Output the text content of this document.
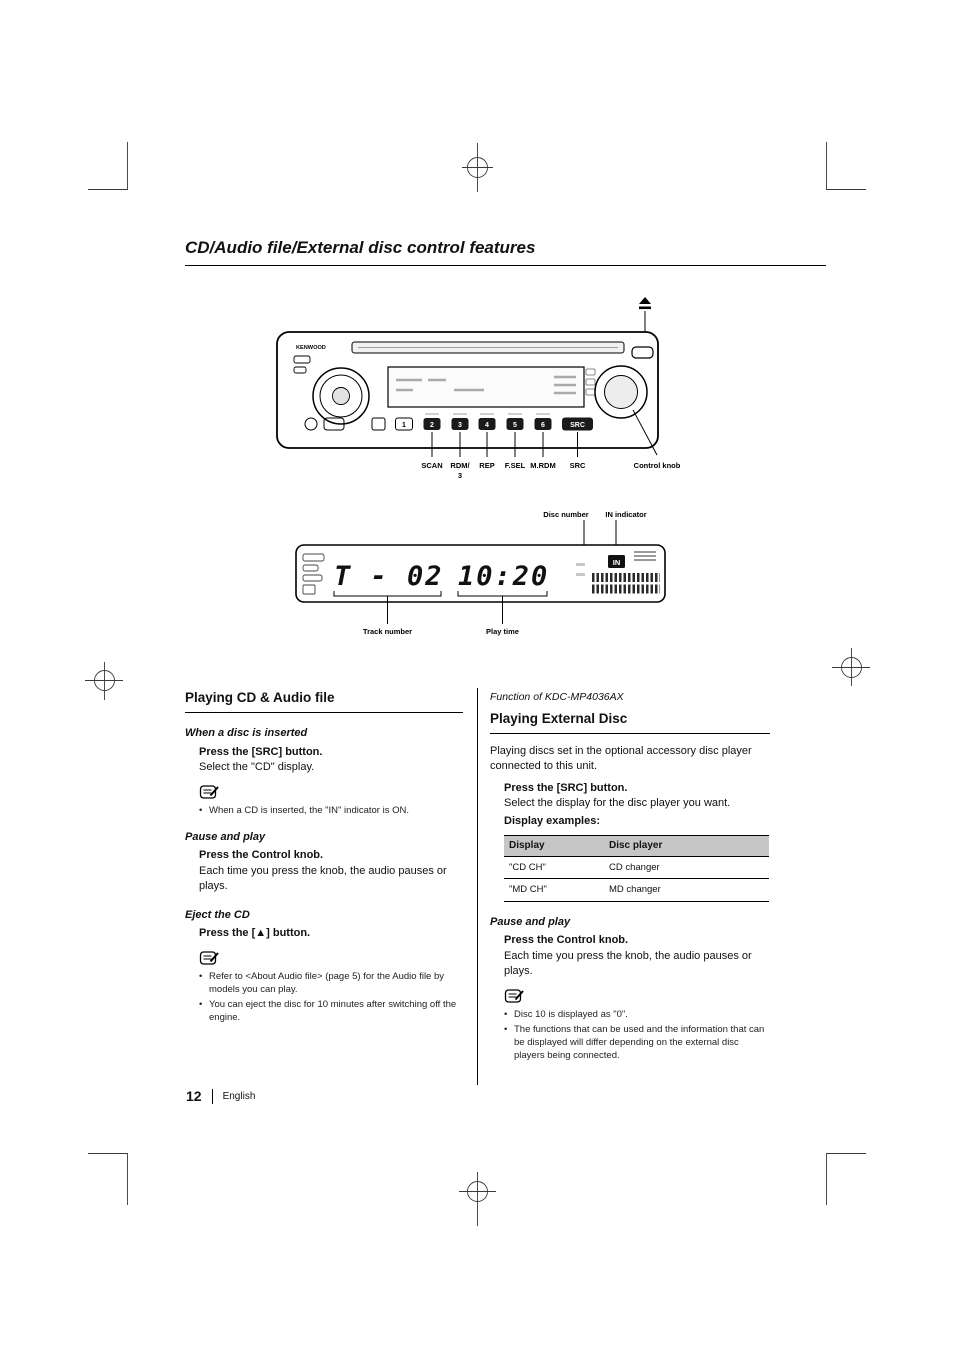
CD/Audio file/External disc control features
KENWOOD
1	2	3	4	5	6	SRC
SCAN RDM/
3
REP F.SEL M.RDM SRC	Control knob
Disc number IN indicator
Track number	Play time
T - 02 10:20	IN
Playing CD & Audio file
When a disc is inserted

Press the [SRC] button.

Select the "CD" display.

• When a CD is inserted, the "IN" indicator is ON.
Pause and play

Press the Control knob.

Each time you press the knob, the audio pauses or plays.

Eject the CD

Press the [▲] button.

• Refer to <About Audio file> (page 5) for the Audio file by models you can play.
• You can eject the disc for 10 minutes after switching off the engine.

Function of KDC-MP4036AX

Playing External Disc

Playing discs set in the optional accessory disc player connected to this unit.

Press the [SRC] button.

Select the display for the disc player you want.

Display examples:

Display	Disc player
"CD CH"	CD changer
"MD CH"	MD changer
Pause and play

Press the Control knob.

Each time you press the knob, the audio pauses or plays.

• Disc 10 is displayed as "0".
• The functions that can be used and the information that can be displayed will differ depending on the external disc players being connected.
12 English
